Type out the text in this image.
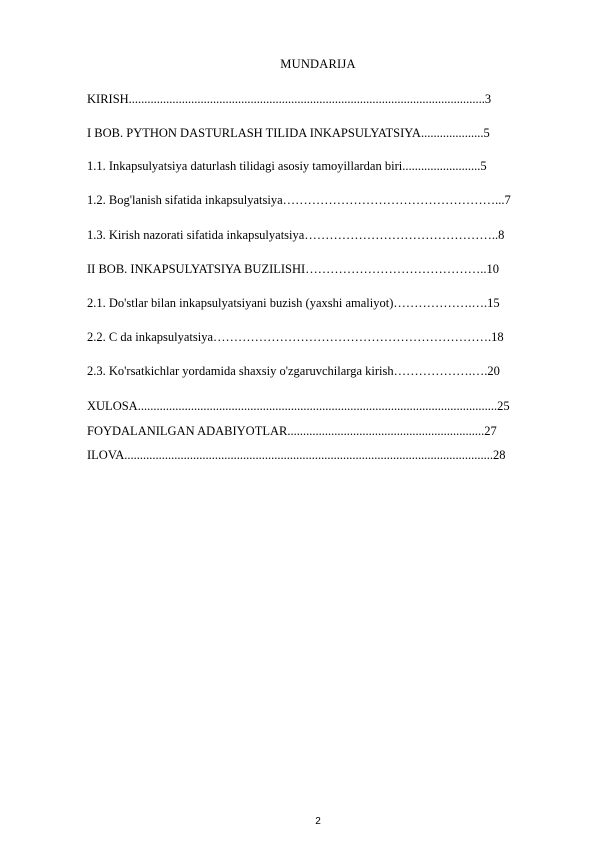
MUNDARIJA
KIRISH..................................................................................................................3
I BOB. PYTHON DASTURLASH TILIDA INKAPSULYATSIYA....................5
1.1. Inkapsulyatsiya daturlash tilidagi asosiy tamoyillardan biri.........................5
1.2. Bog'lanish sifatida inkapsulyatsiya……………………………………………...7
1.3. Kirish nazorati sifatida inkapsulyatsiya………………………………………..8
II BOB. INKAPSULYATSIYA BUZILISHI……………………………………..10
2.1. Do'stlar bilan inkapsulyatsiyani buzish (yaxshi amaliyot)……………….….15
2.2. C da inkapsulyatsiya………………………………………………………….18
2.3. Ko'rsatkichlar yordamida shaxsiy o'zgaruvchilarga kirish……………….….20
XULOSA...................................................................................................................25
FOYDALANILGAN ADABIYOTLAR...............................................................27
ILOVA......................................................................................................................28
2
